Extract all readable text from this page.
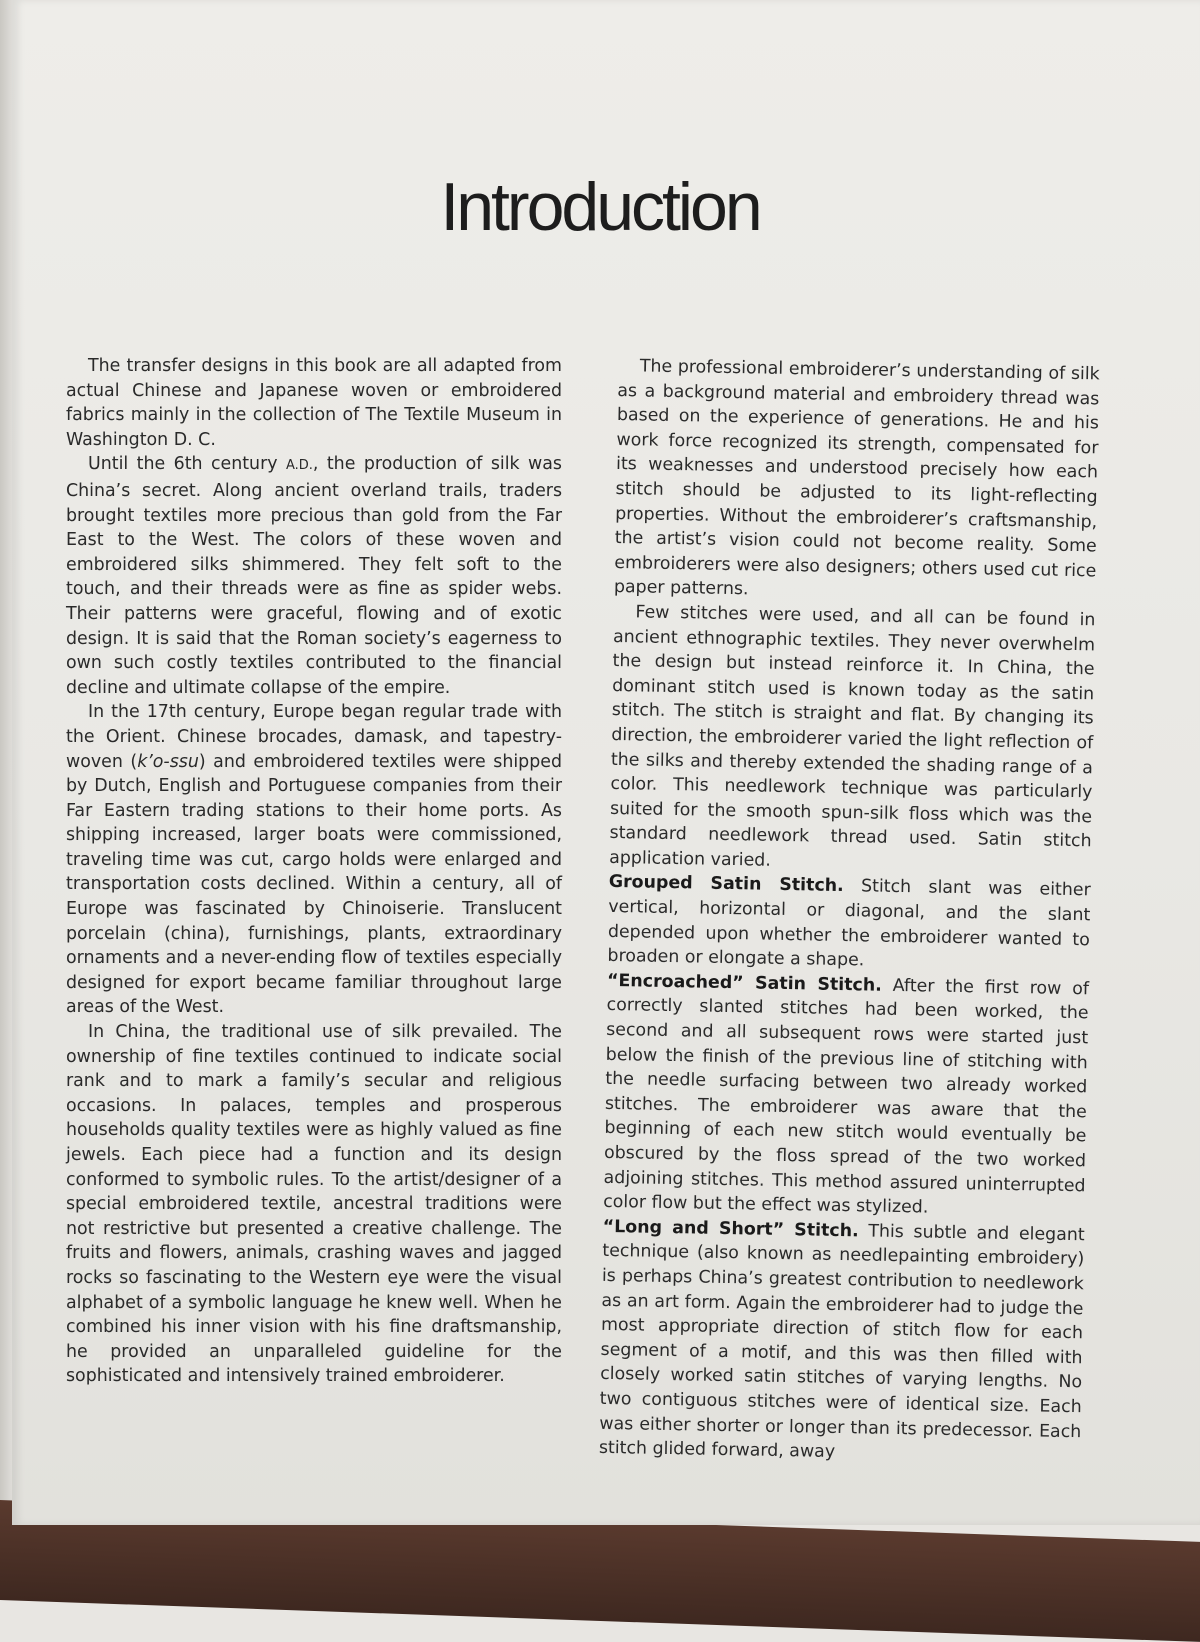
Introduction

The transfer designs in this book are all adapted from actual Chinese and Japanese woven or embroidered fabrics mainly in the collection of The Textile Museum in Washington D. C.

Until the 6th century A.D., the production of silk was China’s secret. Along ancient overland trails, traders brought textiles more precious than gold from the Far East to the West. The colors of these woven and embroidered silks shimmered. They felt soft to the touch, and their threads were as fine as spider webs. Their patterns were graceful, flowing and of exotic design. It is said that the Roman society’s eagerness to own such costly textiles contributed to the financial decline and ultimate collapse of the empire.

In the 17th century, Europe began regular trade with the Orient. Chinese brocades, damask, and tapestry-woven (k’o-ssu) and embroidered textiles were shipped by Dutch, English and Portuguese companies from their Far Eastern trading stations to their home ports. As shipping increased, larger boats were commissioned, traveling time was cut, cargo holds were enlarged and transportation costs declined. Within a century, all of Europe was fascinated by Chinoiserie. Translucent porcelain (china), furnishings, plants, extraordinary ornaments and a never-ending flow of textiles especially designed for export became familiar throughout large areas of the West.

In China, the traditional use of silk prevailed. The ownership of fine textiles continued to indicate social rank and to mark a family’s secular and religious occasions. In palaces, temples and prosperous households quality textiles were as highly valued as fine jewels. Each piece had a function and its design conformed to symbolic rules. To the artist/designer of a special embroidered textile, ancestral traditions were not restrictive but presented a creative challenge. The fruits and flowers, animals, crashing waves and jagged rocks so fascinating to the Western eye were the visual alphabet of a symbolic language he knew well. When he combined his inner vision with his fine draftsmanship, he provided an unparalleled guideline for the sophisticated and intensively trained embroiderer.

The professional embroiderer’s understanding of silk as a background material and embroidery thread was based on the experience of generations. He and his work force recognized its strength, compensated for its weaknesses and understood precisely how each stitch should be adjusted to its light-reflecting properties. Without the embroiderer’s craftsmanship, the artist’s vision could not become reality. Some embroiderers were also designers; others used cut rice paper patterns.

Few stitches were used, and all can be found in ancient ethnographic textiles. They never overwhelm the design but instead reinforce it. In China, the dominant stitch used is known today as the satin stitch. The stitch is straight and flat. By changing its direction, the embroiderer varied the light reflection of the silks and thereby extended the shading range of a color. This needlework technique was particularly suited for the smooth spun-silk floss which was the standard needlework thread used. Satin stitch application varied.

Grouped Satin Stitch. Stitch slant was either vertical, horizontal or diagonal, and the slant depended upon whether the embroiderer wanted to broaden or elongate a shape.

“Encroached” Satin Stitch. After the first row of correctly slanted stitches had been worked, the second and all subsequent rows were started just below the finish of the previous line of stitching with the needle surfacing between two already worked stitches. The embroiderer was aware that the beginning of each new stitch would eventually be obscured by the floss spread of the two worked adjoining stitches. This method assured uninterrupted color flow but the effect was stylized.

“Long and Short” Stitch. This subtle and elegant technique (also known as needlepainting embroidery) is perhaps China’s greatest contribution to needlework as an art form. Again the embroiderer had to judge the most appropriate direction of stitch flow for each segment of a motif, and this was then filled with closely worked satin stitches of varying lengths. No two contiguous stitches were of identical size. Each was either shorter or longer than its predecessor. Each stitch glided forward, away
